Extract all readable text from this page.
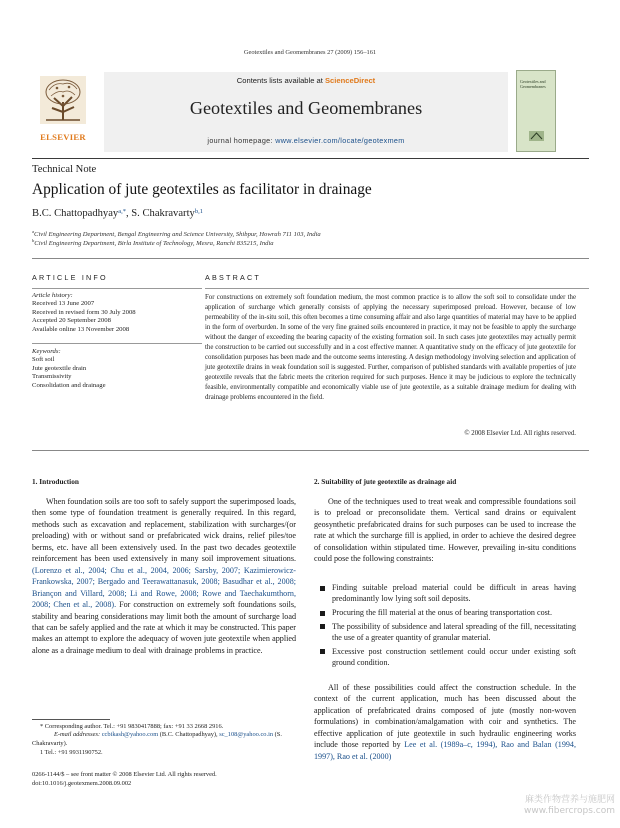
Geotextiles and Geomembranes 27 (2009) 156–161
ELSEVIER
Contents lists available at ScienceDirect
Geotextiles and Geomembranes
journal homepage: www.elsevier.com/locate/geotexmem
Geotextiles and Geomembranes
Technical Note
Application of jute geotextiles as facilitator in drainage
B.C. Chattopadhyay$^{a,*}$, S. Chakravarty$^{b,1}$
$^a$Civil Engineering Department, Bengal Engineering and Science University, Shibpur, Howrah 711 103, India
$^b$Civil Engineering Department, Birla Institute of Technology, Mesra, Ranchi 835215, India
ARTICLE INFO
Article history:
Received 13 June 2007
Received in revised form 30 July 2008
Accepted 20 September 2008
Available online 13 November 2008
Keywords:
Soft soil
Jute geotextile drain
Transmissivity
Consolidation and drainage
ABSTRACT
For constructions on extremely soft foundation medium, the most common practice is to allow the soft soil to consolidate under the application of surcharge which generally consists of applying the necessary superimposed preload. However, because of low permeability of the in-situ soil, this often becomes a time consuming affair and also large quantities of material may have to be applied in the form of overburden. In some of the very fine grained soils encountered in practice, it may not be feasible to apply the surcharge without the danger of exceeding the bearing capacity of the existing formation soil. In such cases jute geotextiles may actually permit the construction to be carried out successfully and in a cost effective manner. A quantitative study on the efficacy of jute geotextile for consolidation purposes has been made and the outcome seems interesting. A design methodology involving selection and application of jute geotextile drains in weak foundation soil is suggested. Further, comparison of published standards with available properties of jute geotextile reveals that the fabric meets the criterion required for such purposes. Hence it may be judicious to explore the technically feasible, environmentally compatible and economically viable use of jute geotextile, as a suitable drainage medium for dealing with drainage problems encountered in the field.
© 2008 Elsevier Ltd. All rights reserved.
1. Introduction
When foundation soils are too soft to safely support the superimposed loads, then some type of foundation treatment is generally required. In this regard, methods such as excavation and replacement, stabilization with surcharges/(or preloading) with or without sand or prefabricated wick drains, relief piles/toe berms, etc. have all been extensively used. In the past two decades geotextile reinforcement has been used extensively in many soil improvement situations. (Lorenzo et al., 2004; Chu et al., 2004, 2006; Sarsby, 2007; Kazimierowicz-Frankowska, 2007; Bergado and Teerawattanasuk, 2008; Basudhar et al., 2008; Briançon and Villard, 2008; Li and Rowe, 2008; Rowe and Taechakumthorn, 2008; Chen et al., 2008). For construction on extremely soft foundations soils, stability and bearing considerations may limit both the amount of surcharge load that can be safely applied and the rate at which it may be constructed. This paper makes an attempt to explore the adequacy of woven jute geotextile when applied alone as a drainage medium to deal with drainage problems in practice.
2. Suitability of jute geotextile as drainage aid
One of the techniques used to treat weak and compressible foundations soil is to preload or preconsolidate them. Vertical sand drains or equivalent geosynthetic prefabricated drains for such purposes can be used to increase the rate at which the surcharge fill is applied, in order to achieve the desired degree of consolidation within stipulated time. However, prevailing in-situ conditions could pose the following constraints:
Finding suitable preload material could be difficult in areas having predominantly low lying soft soil deposits.
Procuring the fill material at the onus of bearing transportation cost.
The possibility of subsidence and lateral spreading of the fill, necessitating the use of a greater quantity of granular material.
Excessive post construction settlement could occur under existing soft ground condition.
All of these possibilities could affect the construction schedule. In the context of the current application, much has been discussed about the application of prefabricated drains composed of jute (mostly non-woven formulations) in combination/amalgamation with coir and synthetics. The effective application of jute geotextile in such hydraulic engineering works include those reported by Lee et al. (1989a–c, 1994), Rao and Balan (1994, 1997), Rao et al. (2000)
* Corresponding author. Tel.: +91 9830417888; fax: +91 33 2668 2916.
E-mail addresses: ccbikash@yahoo.com (B.C. Chattopadhyay), sc_108@yahoo.co.in (S. Chakravarty).
1 Tel.: +91 9931190752.
0266-1144/$ – see front matter © 2008 Elsevier Ltd. All rights reserved.
doi:10.1016/j.geotexmem.2008.09.002
麻类作物营养与施肥网
www.fibercrops.com
